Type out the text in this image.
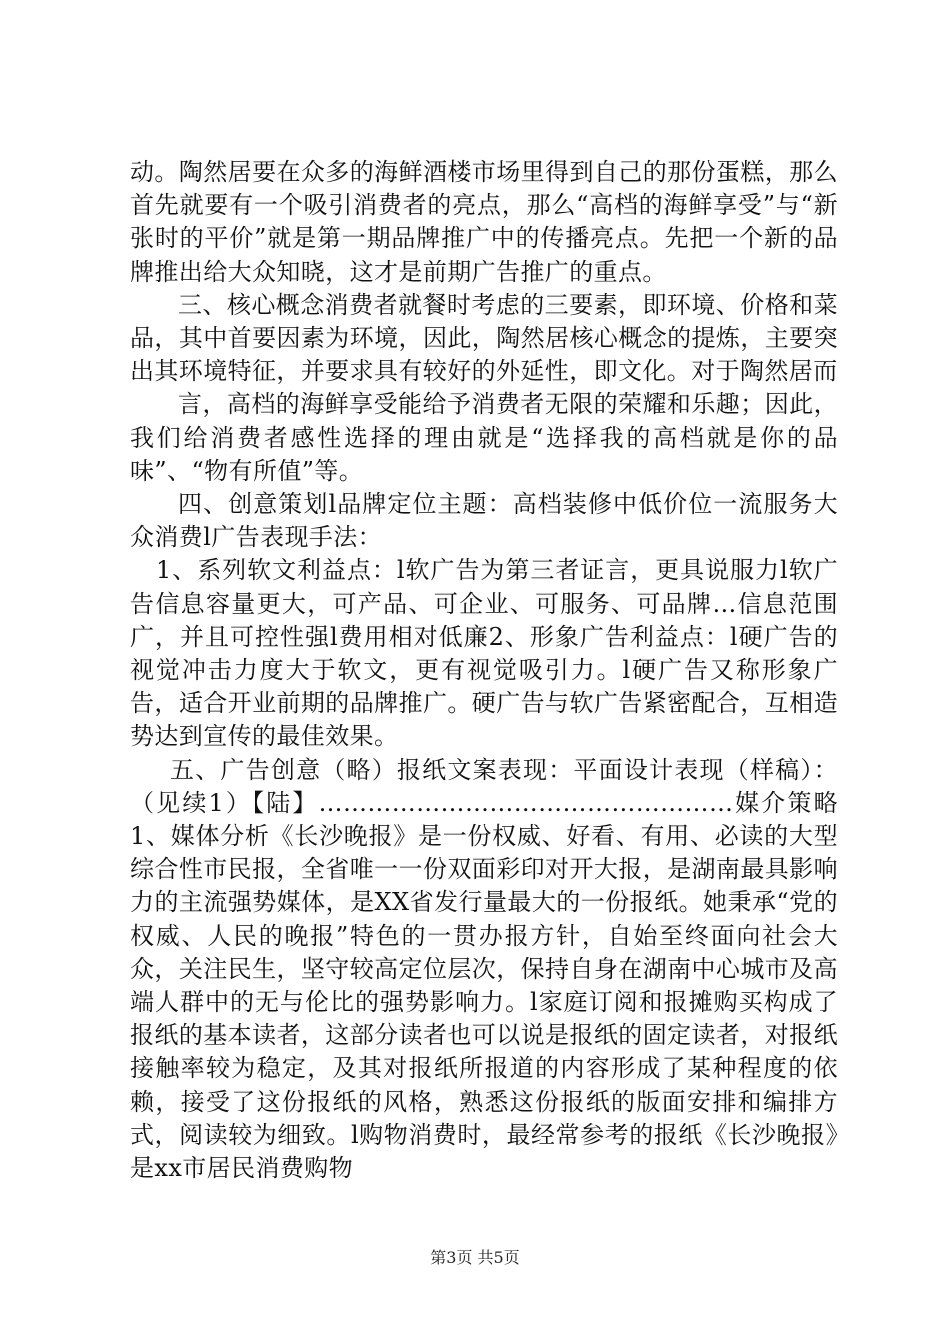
动。陶然居要在众多的海鲜酒楼市场里得到自己的那份蛋糕，那么首先就要有一个吸引消费者的亮点，那么“高档的海鲜享受”与“新张时的平价”就是第一期品牌推广中的传播亮点。先把一个新的品牌推出给大众知晓，这才是前期广告推广的重点。

三、核心概念消费者就餐时考虑的三要素，即环境、价格和菜品，其中首要因素为环境，因此，陶然居核心概念的提炼，主要突出其环境特征，并要求具有较好的外延性，即文化。对于陶然居而

言，高档的海鲜享受能给予消费者无限的荣耀和乐趣；因此，我们给消费者感性选择的理由就是“选择我的高档就是你的品味”、“物有所值”等。

四、创意策划l品牌定位主题：高档装修中低价位一流服务大众消费l广告表现手法：

1、系列软文利益点：l软广告为第三者证言，更具说服力l软广告信息容量更大，可产品、可企业、可服务、可品牌…信息范围广，并且可控性强l费用相对低廉2、形象广告利益点：l硬广告的视觉冲击力度大于软文，更有视觉吸引力。l硬广告又称形象广告，适合开业前期的品牌推广。硬广告与软广告紧密配合，互相造势达到宣传的最佳效果。

五、广告创意（略）报纸文案表现：平面设计表现（样稿）：（见续1）【陆】……………………………………………媒介策略1、媒体分析《长沙晚报》是一份权威、好看、有用、必读的大型综合性市民报，全省唯一一份双面彩印对开大报，是湖南最具影响力的主流强势媒体，是XX省发行量最大的一份报纸。她秉承“党的权威、人民的晚报”特色的一贯办报方针，自始至终面向社会大众，关注民生，坚守较高定位层次，保持自身在湖南中心城市及高端人群中的无与伦比的强势影响力。l家庭订阅和报摊购买构成了报纸的基本读者，这部分读者也可以说是报纸的固定读者，对报纸接触率较为稳定，及其对报纸所报道的内容形成了某种程度的依赖，接受了这份报纸的风格，熟悉这份报纸的版面安排和编排方式，阅读较为细致。l购物消费时，最经常参考的报纸《长沙晚报》是xx市居民消费购物

第3页 共5页
